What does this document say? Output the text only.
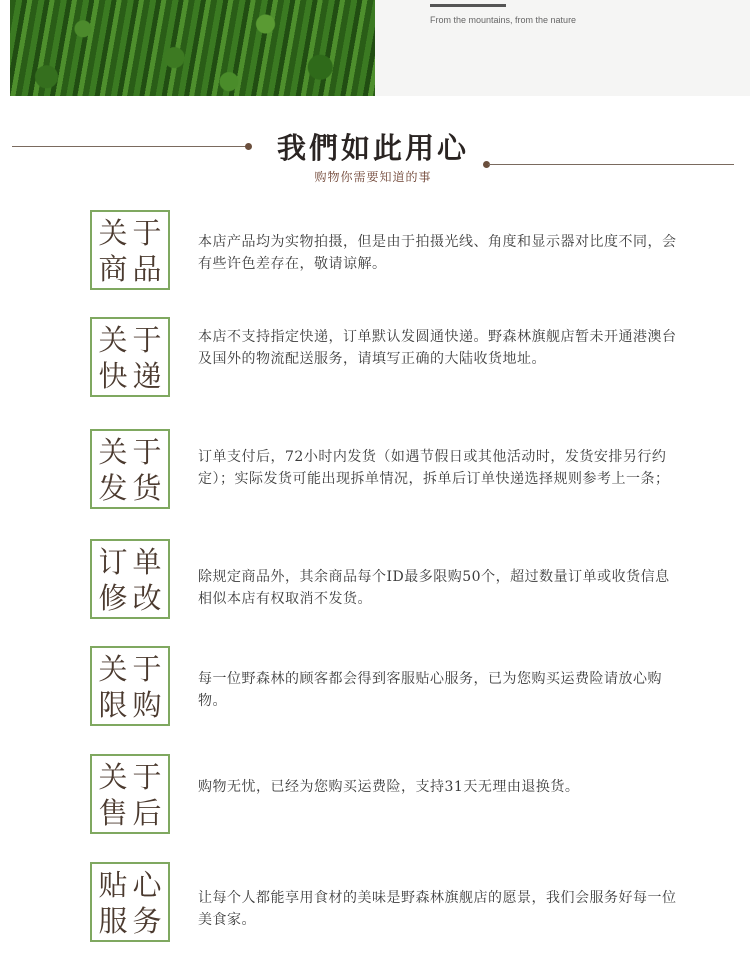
From the mountains, from the nature
我們如此用心
购物你需要知道的事
关 于
商 品
本店产品均为实物拍摄，但是由于拍摄光线、角度和显示器对比度不同，会有些许色差存在，敬请谅解。
关 于
快 递
本店不支持指定快递，订单默认发圆通快递。野森林旗舰店暂未开通港澳台及国外的物流配送服务，请填写正确的大陆收货地址。
关 于
发 货
订单支付后，72小时内发货（如遇节假日或其他活动时，发货安排另行约定）；实际发货可能出现拆单情况，拆单后订单快递选择规则参考上一条；
订 单
修 改
除规定商品外，其余商品每个ID最多限购50个，超过数量订单或收货信息相似本店有权取消不发货。
关 于
限 购
每一位野森林的顾客都会得到客服贴心服务，已为您购买运费险请放心购物。
关 于
售 后
购物无忧，已经为您购买运费险，支持31天无理由退换货。
贴 心
服 务
让每个人都能享用食材的美味是野森林旗舰店的愿景，我们会服务好每一位美食家。
